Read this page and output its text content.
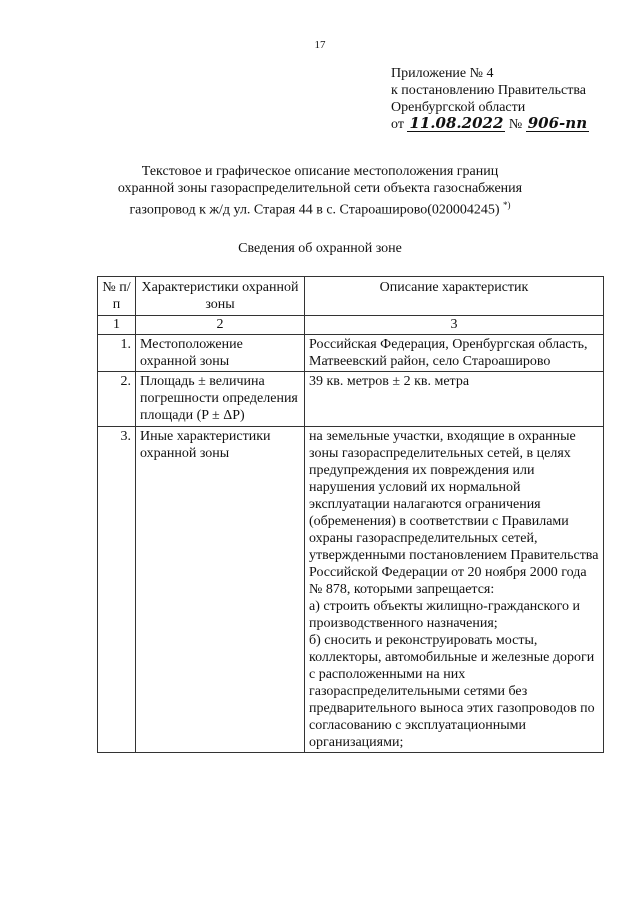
17
Приложение № 4
к постановлению Правительства
Оренбургской области
от 11.08.2022 № 906-пп
Текстовое и графическое описание местоположения границ
охранной зоны газораспределительной сети объекта газоснабжения
газопровод к ж/д ул. Старая 44 в с. Староаширово(020004245) *)
Сведения об охранной зоне
№ п/п	Характеристики охранной зоны	Описание характеристик
1	2	3
1.	Местоположение охранной зоны	Российская Федерация, Оренбургская область, Матвеевский район, село Староаширово
2.	Площадь ± величина погрешности определения площади (P ± ΔP)	39 кв. метров ± 2 кв. метра
3.	Иные характеристики охранной зоны	на земельные участки, входящие в охранные зоны газораспределительных сетей, в целях предупреждения их повреждения или нарушения условий их нормальной эксплуатации налагаются ограничения (обременения) в соответствии с Правилами охраны газораспределительных сетей, утвержденными постановлением Правительства Российской Федерации от 20 ноября 2000 года № 878, которыми запрещается:
а) строить объекты жилищно-гражданского и производственного назначения;
б) сносить и реконструировать мосты, коллекторы, автомобильные и железные дороги с расположенными на них газораспределительными сетями без предварительного выноса этих газопроводов по согласованию с эксплуатационными организациями;
